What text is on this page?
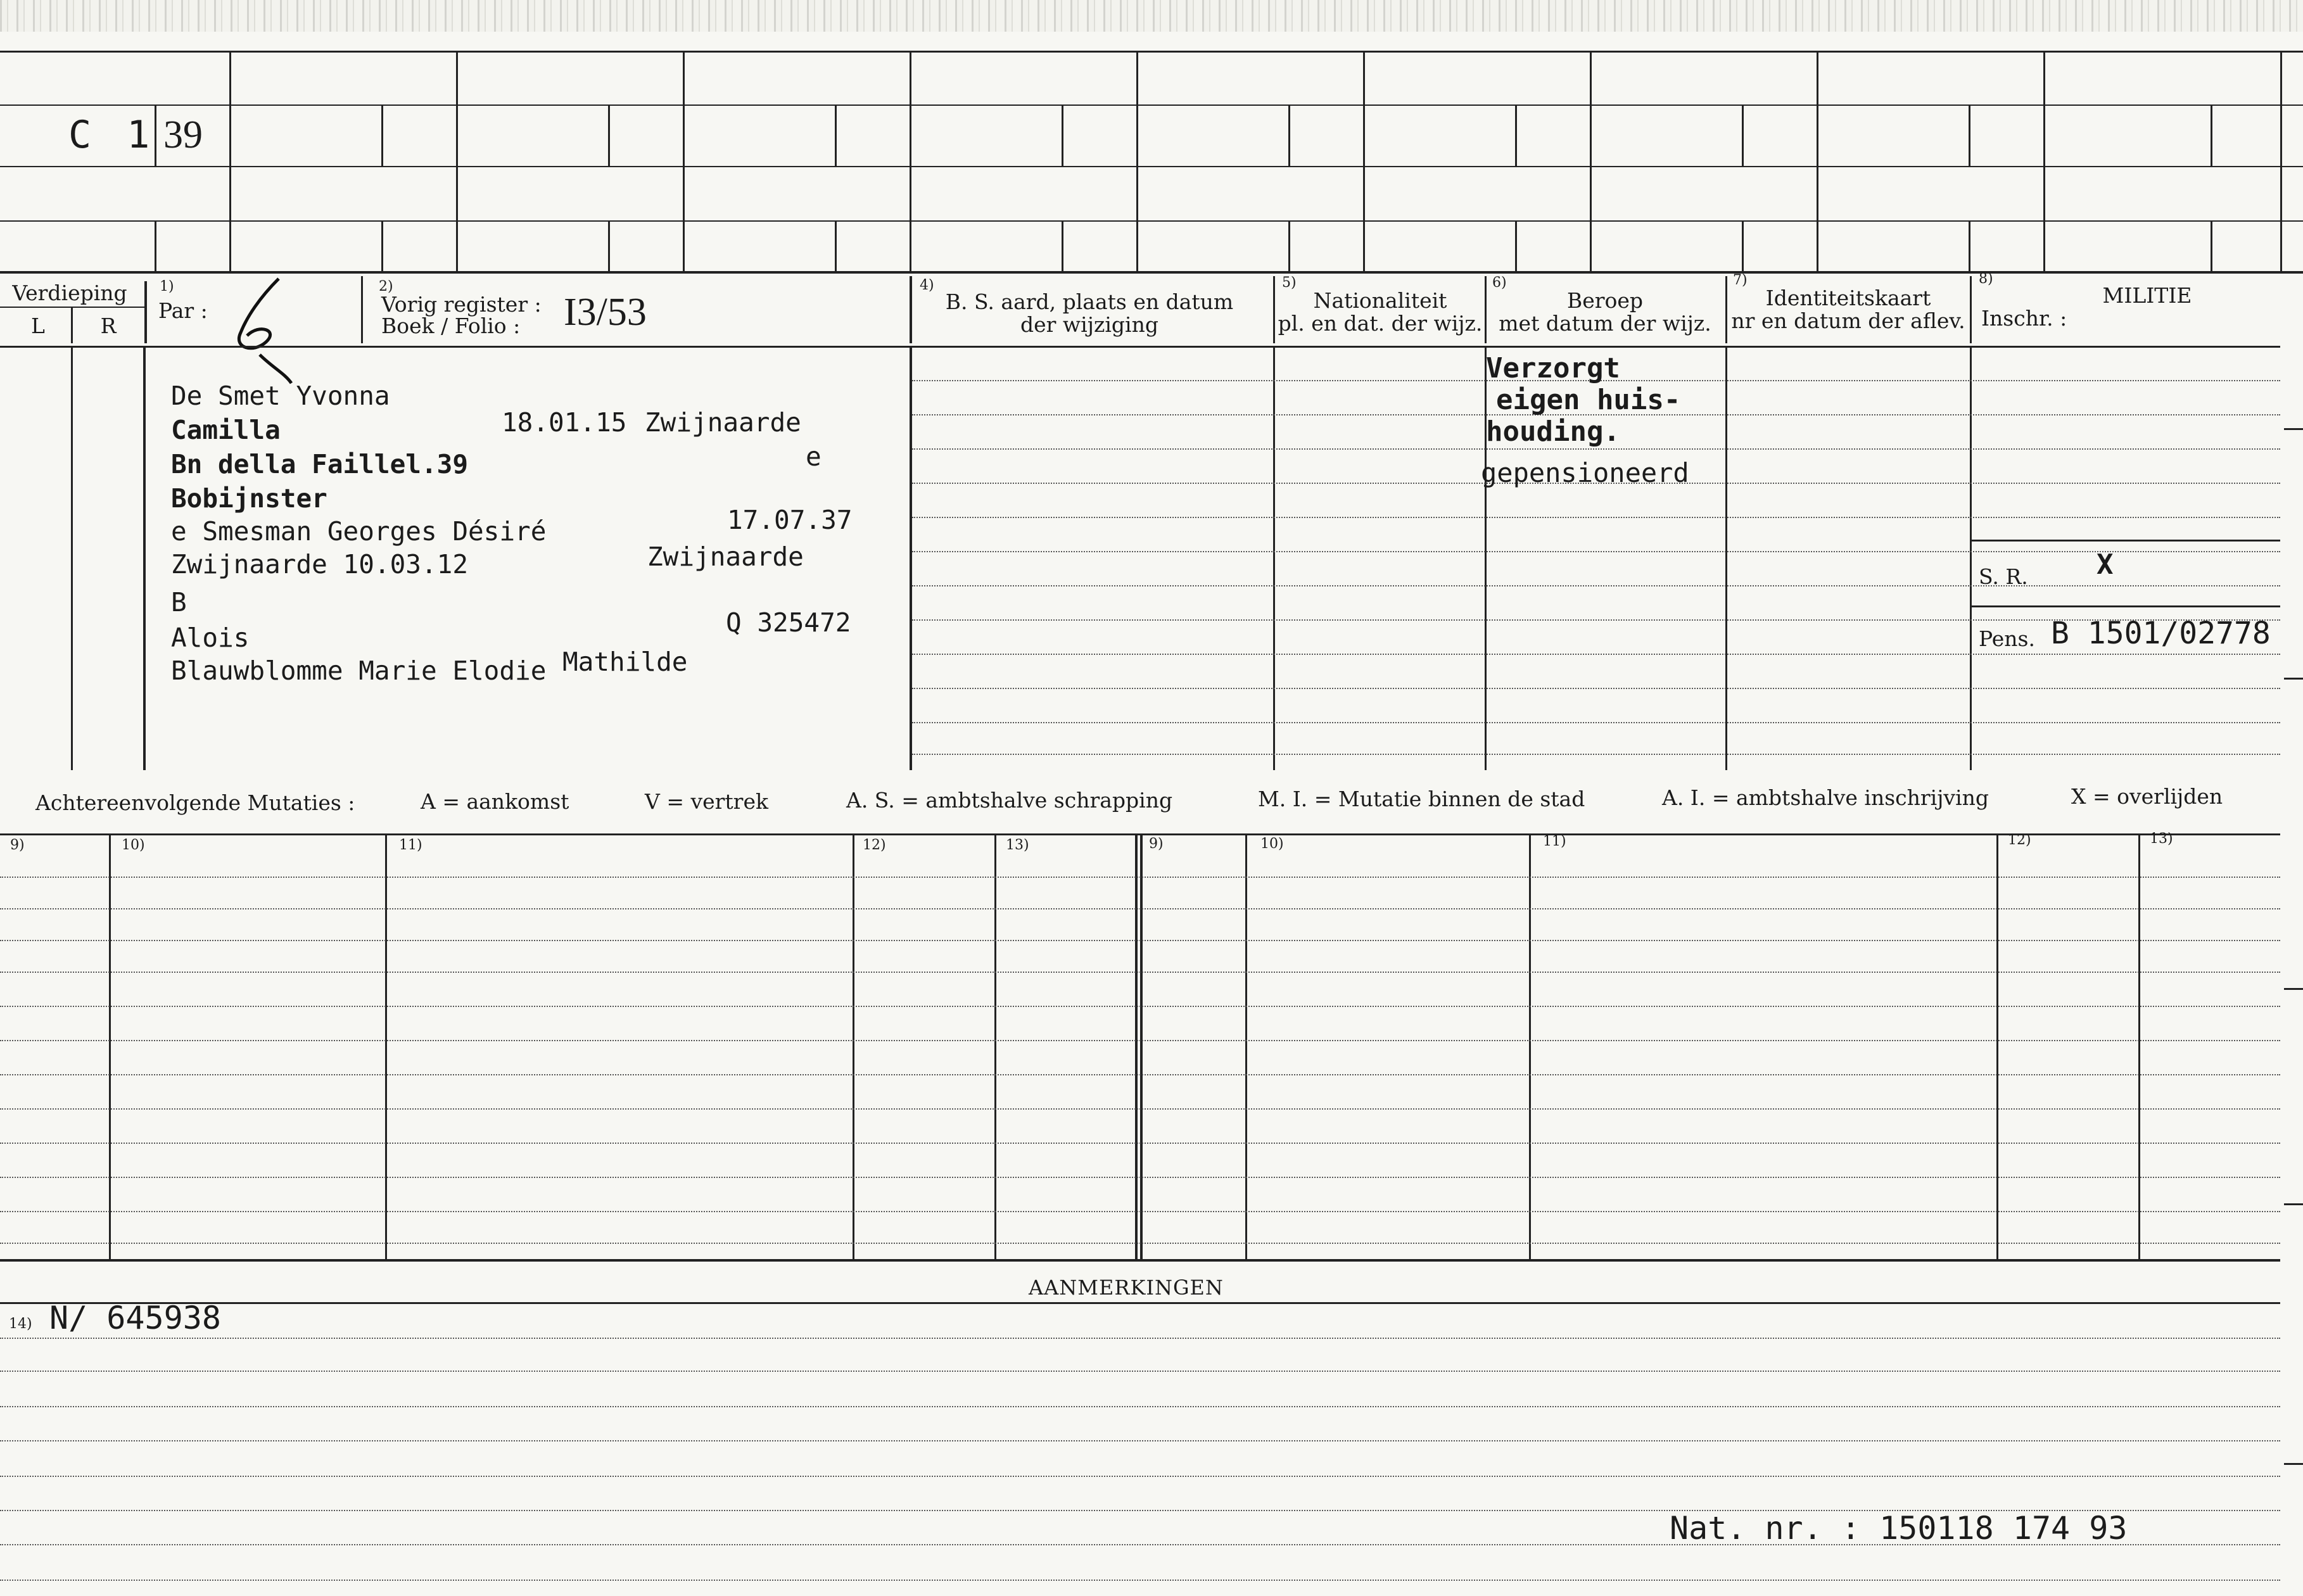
C 1 39
Verdieping
L	R
1)
Par :
2)
Vorig register :
Boek / Folio : I3/53
4)
B. S. aard, plaats en datum
der wijziging
5)
Nationaliteit
pl. en dat. der wijz.
6)
Beroep
met datum der wijz.
7)
Identiteitskaart
nr en datum der aflev.
8)
MILITIE
Inschr. :
De Smet Yvonna
Camilla	18.01.15 Zwijnaarde
Bn della Faillel.39	e
Bobijnster
e Smesman Georges Désiré	17.07.37
Zwijnaarde 10.03.12	Zwijnaarde
B
Alois	Q 325472
Blauwblomme Marie Elodie Mathilde
Verzorgt
eigen huis-
houding.
gepensioneerd
S. R. X
Pens. B 1501/02778
Achtereenvolgende Mutaties :	A = aankomst	V = vertrek	A. S. = ambtshalve schrapping	M. I. = Mutatie binnen de stad	A. I. = ambtshalve inschrijving	X = overlijden
9)	10)	11)	12)	13)	9)	10)	11)	12)	13)
AANMERKINGEN
14) N/ 645938
Nat. nr. : 150118 174 93
